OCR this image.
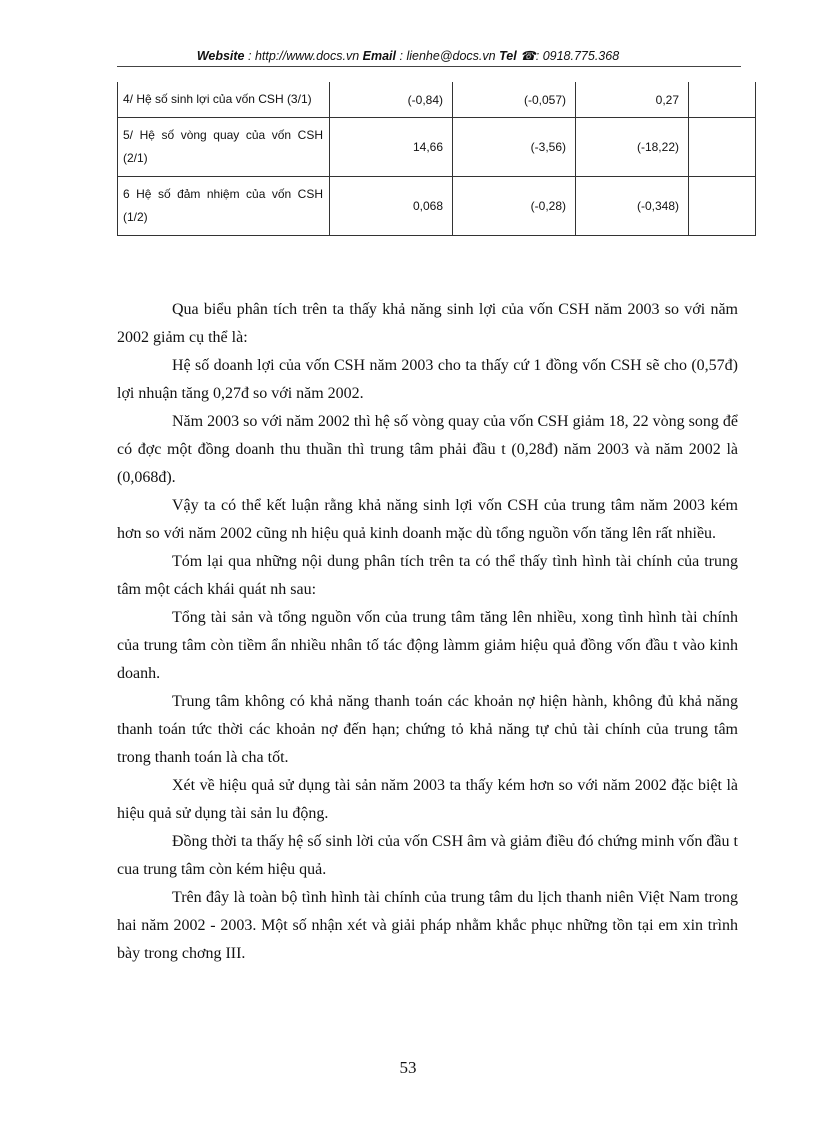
Website : http://www.docs.vn Email : lienhe@docs.vn Tel ☎: 0918.775.368
4/ Hệ số sinh lợi của vốn CSH (3/1)	(-0,84)	(-0,057)	0,27	
5/ Hệ số vòng quay của vốn CSH (2/1)	14,66	(-3,56)	(-18,22)	
6 Hệ số đảm nhiệm của vốn CSH (1/2)	0,068	(-0,28)	(-0,348)	

Qua biểu phân tích trên ta thấy khả năng sinh lợi của vốn CSH năm 2003 so với năm 2002 giảm cụ thể là:

Hệ số doanh lợi của vốn CSH năm 2003 cho ta thấy cứ 1 đồng vốn CSH sẽ cho (0,57đ) lợi nhuận tăng 0,27đ so với năm 2002.

Năm 2003 so với năm 2002 thì hệ số vòng quay của vốn CSH giảm 18, 22 vòng song để có đợc một đồng doanh thu thuần thì trung tâm phải đầu t (0,28đ) năm 2003 và năm 2002 là (0,068đ).

Vậy ta có thể kết luận rằng khả năng sinh lợi vốn CSH của trung tâm năm 2003 kém hơn so với năm 2002 cũng nh hiệu quả kinh doanh mặc dù tổng nguồn vốn tăng lên rất nhiều.

Tóm lại qua những nội dung phân tích trên ta có thể thấy tình hình tài chính của trung tâm một cách khái quát nh sau:

Tổng tài sản và tổng nguồn vốn của trung tâm tăng lên nhiều, xong tình hình tài chính của trung tâm còn tiềm ẩn nhiều nhân tố tác động làmm giảm hiệu quả đồng vốn đầu t vào kinh doanh.

Trung tâm không có khả năng thanh toán các khoản nợ hiện hành, không đủ khả năng thanh toán tức thời các khoản nợ đến hạn; chứng tỏ khả năng tự chủ tài chính của trung tâm trong thanh toán là cha tốt.

Xét về hiệu quả sử dụng tài sản năm 2003 ta thấy kém hơn so với năm 2002 đặc biệt là hiệu quả sử dụng tài sản lu động.

Đồng thời ta thấy hệ số sinh lời của vốn CSH âm và giảm điều đó chứng minh vốn đầu t cua trung tâm còn kém hiệu quả.

Trên đây là toàn bộ tình hình tài chính của trung tâm du lịch thanh niên Việt Nam trong hai năm 2002 - 2003. Một số nhận xét và giải pháp nhằm khắc phục những tồn tại em xin trình bày trong chơng III.

53
